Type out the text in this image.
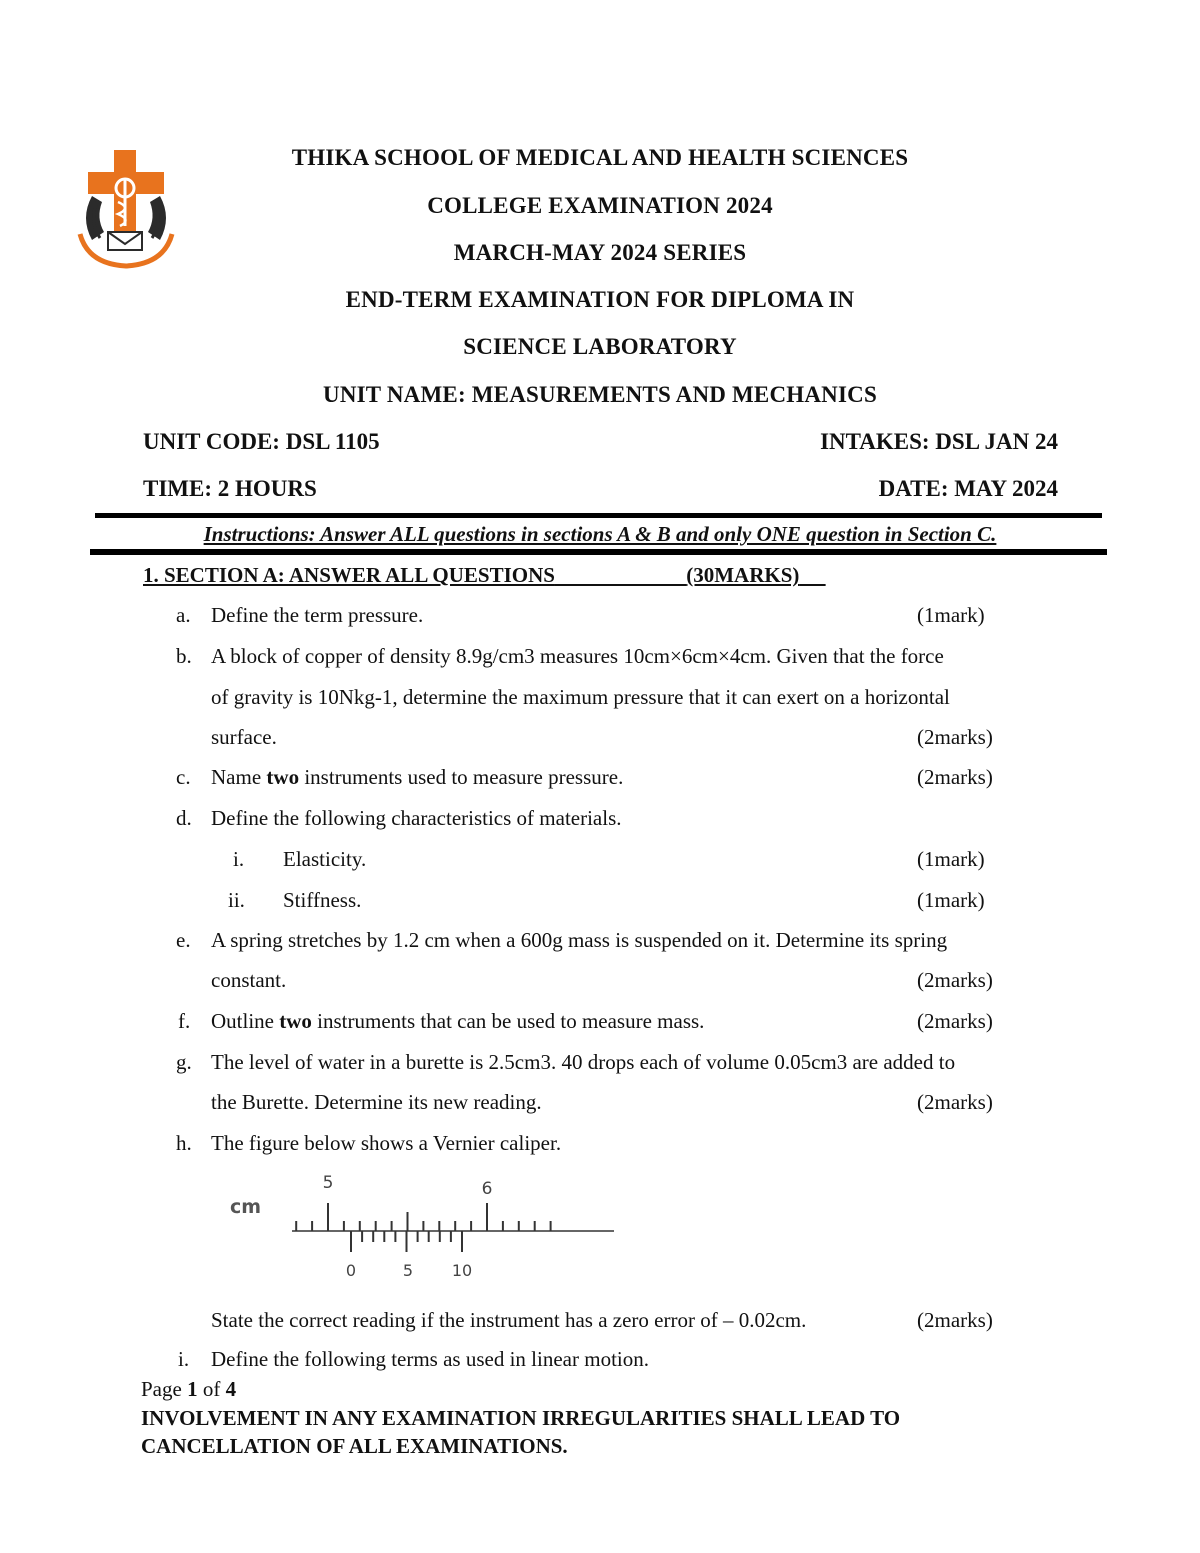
THIKA SCHOOL OF MEDICAL AND HEALTH SCIENCES
COLLEGE EXAMINATION 2024
MARCH-MAY 2024 SERIES
END-TERM EXAMINATION FOR DIPLOMA IN
SCIENCE LABORATORY
UNIT NAME: MEASUREMENTS AND MECHANICS
UNIT CODE: DSL 1105	INTAKES: DSL JAN 24
TIME: 2 HOURS	DATE: MAY 2024
Instructions: Answer ALL questions in sections A & B and only ONE question in Section C.
1. SECTION A: ANSWER ALL QUESTIONS	(30MARKS)
a. Define the term pressure.	(1mark)
b. A block of copper of density 8.9g/cm3 measures 10cm×6cm×4cm. Given that the force
of gravity is 10Nkg-1, determine the maximum pressure that it can exert on a horizontal
surface.	(2marks)
c. Name two instruments used to measure pressure.	(2marks)
d. Define the following characteristics of materials.
i. Elasticity.	(1mark)
ii. Stiffness.	(1mark)
e. A spring stretches by 1.2 cm when a 600g mass is suspended on it. Determine its spring
constant.	(2marks)
f. Outline two instruments that can be used to measure mass.	(2marks)
g. The level of water in a burette is 2.5cm3. 40 drops each of volume 0.05cm3 are added to
the Burette. Determine its new reading.	(2marks)
h. The figure below shows a Vernier caliper.
cm
5	6
0	5 10
State the correct reading if the instrument has a zero error of – 0.02cm.	(2marks)
i. Define the following terms as used in linear motion.
Page 1 of 4
INVOLVEMENT IN ANY EXAMINATION IRREGULARITIES SHALL LEAD TO
CANCELLATION OF ALL EXAMINATIONS.
